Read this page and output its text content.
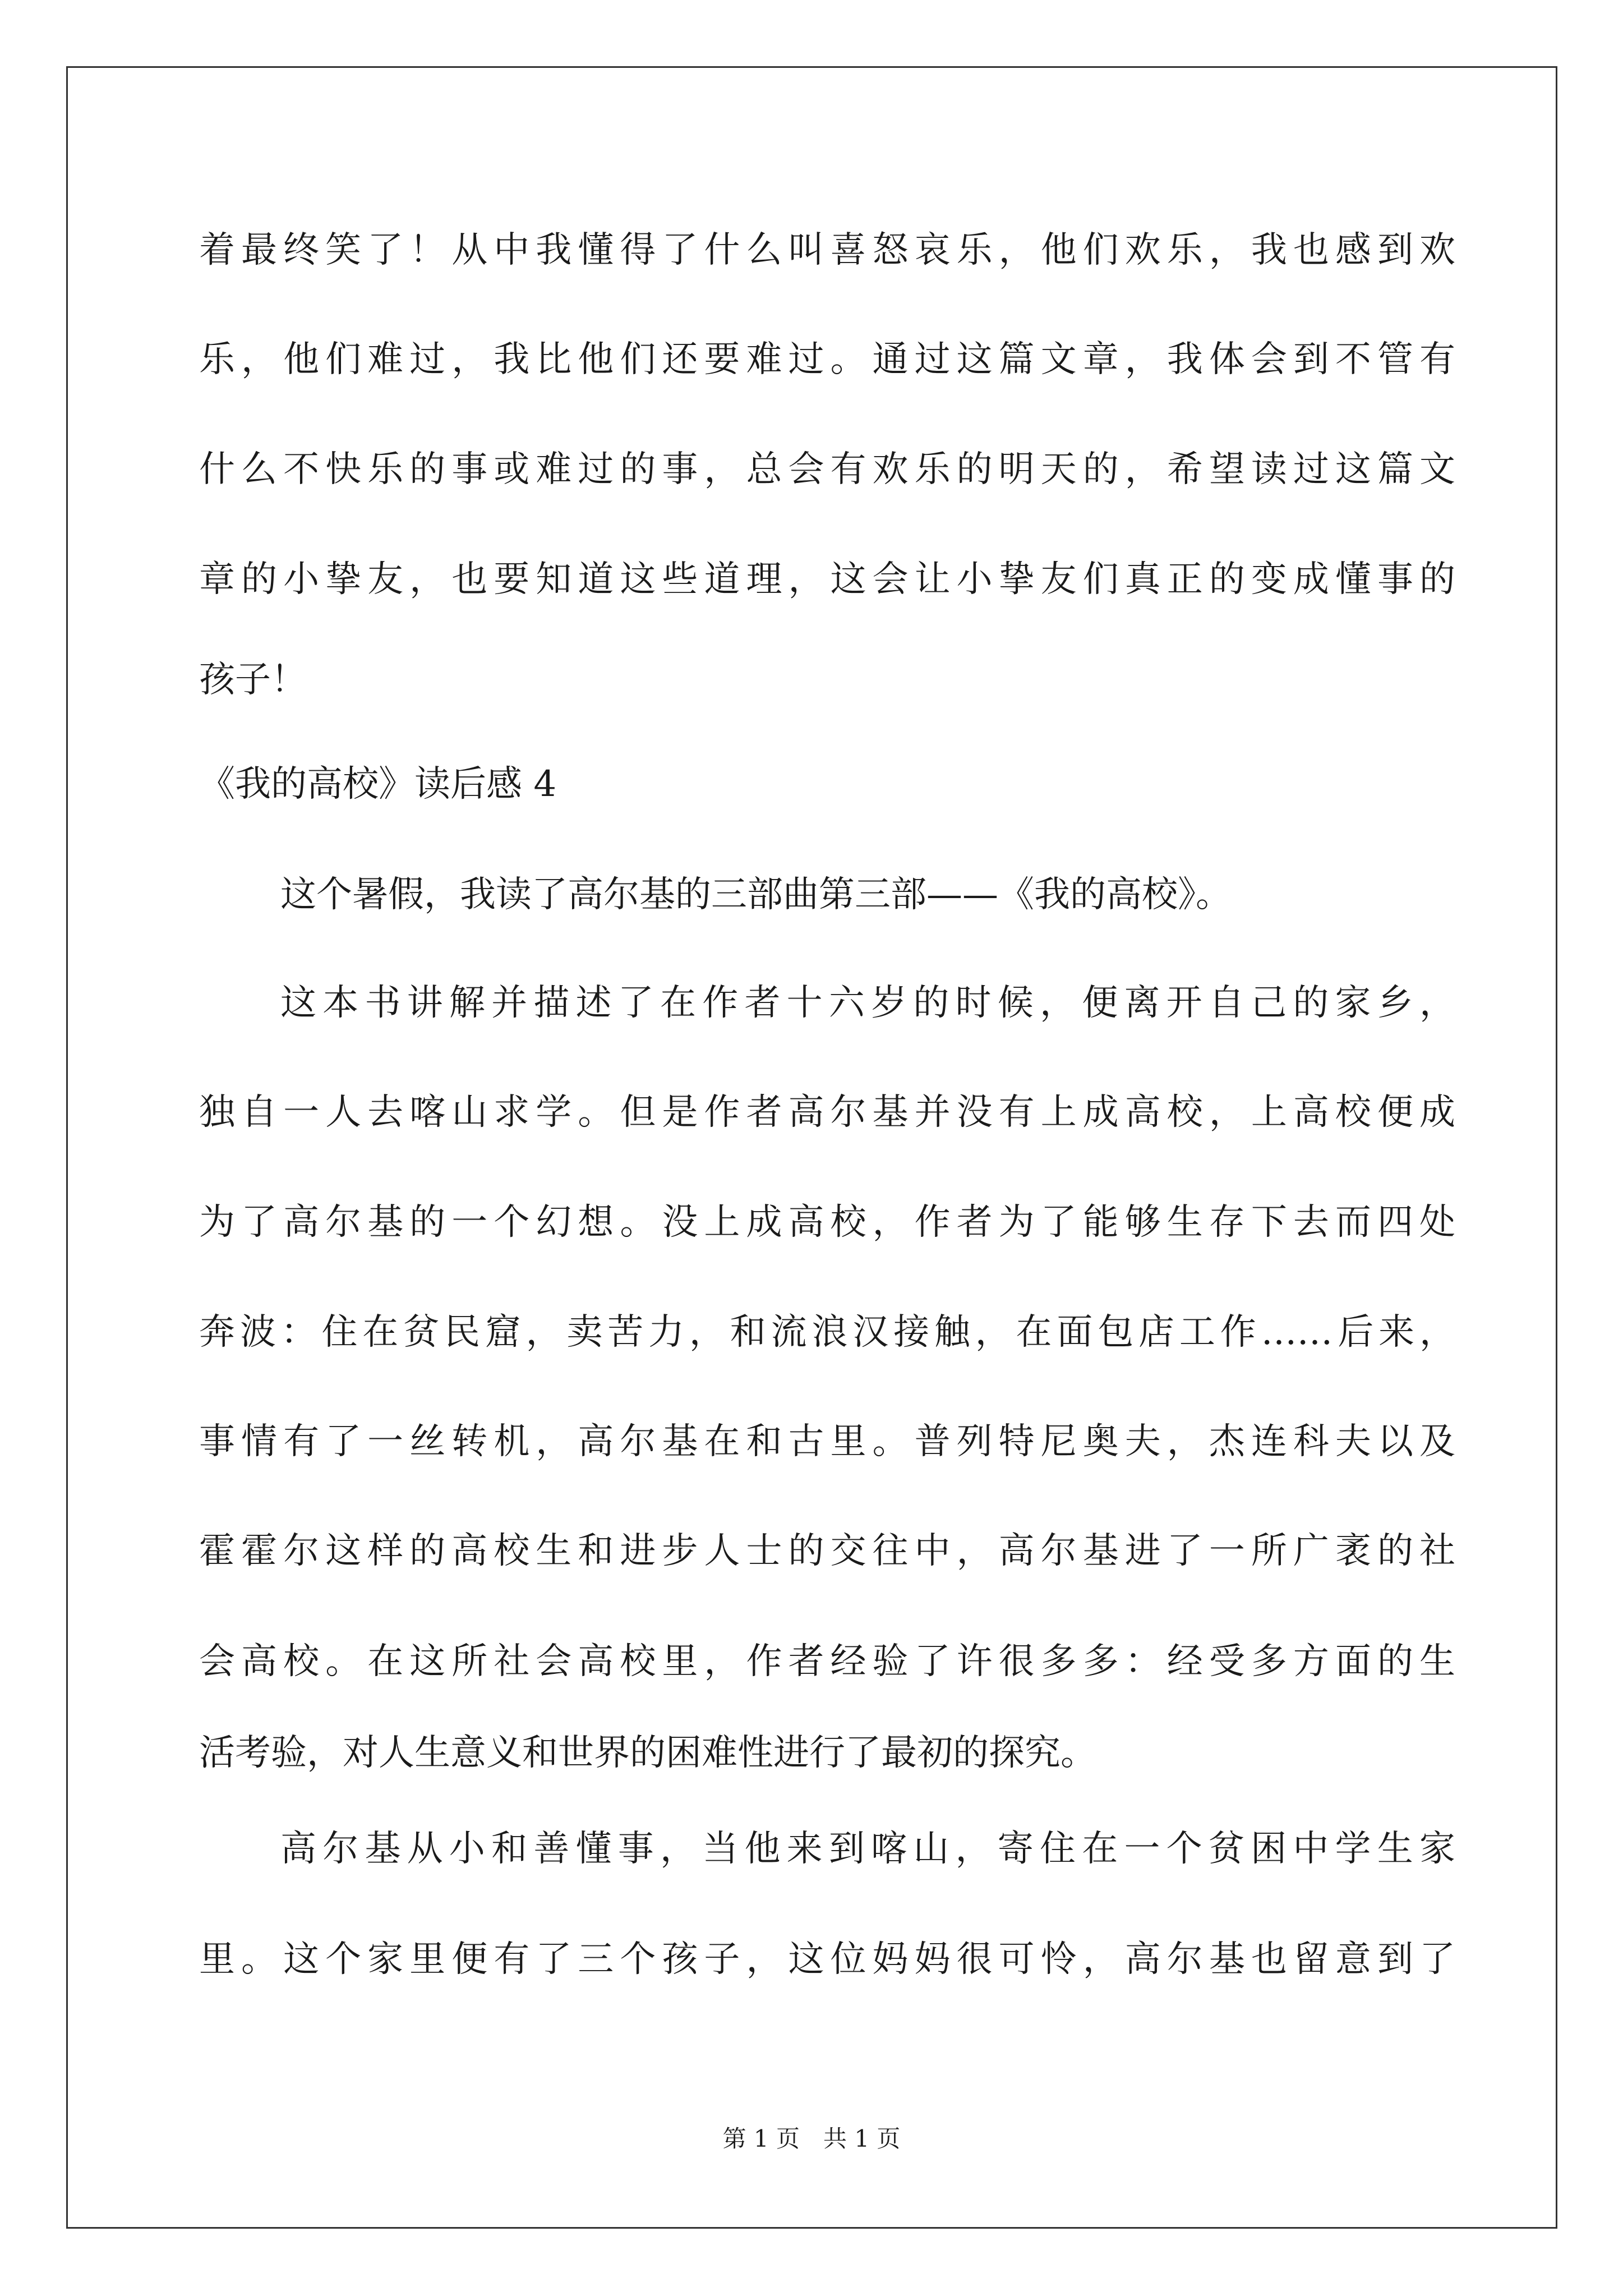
着最终笑了！从中我懂得了什么叫喜怒哀乐，他们欢乐，我也感到欢
乐，他们难过，我比他们还要难过。通过这篇文章，我体会到不管有
什么不快乐的事或难过的事，总会有欢乐的明天的，希望读过这篇文
章的小挚友，也要知道这些道理，这会让小挚友们真正的变成懂事的
孩子！
《我的高校》读后感 4
这个暑假，我读了高尔基的三部曲第三部——《我的高校》。
这本书讲解并描述了在作者十六岁的时候，便离开自己的家乡，
独自一人去喀山求学。但是作者高尔基并没有上成高校，上高校便成
为了高尔基的一个幻想。没上成高校，作者为了能够生存下去而四处
奔波：住在贫民窟，卖苦力，和流浪汉接触，在面包店工作……后来，
事情有了一丝转机，高尔基在和古里。普列特尼奥夫，杰连科夫以及
霍霍尔这样的高校生和进步人士的交往中，高尔基进了一所广袤的社
会高校。在这所社会高校里，作者经验了许很多多：经受多方面的生
活考验，对人生意义和世界的困难性进行了最初的探究。
高尔基从小和善懂事，当他来到喀山，寄住在一个贫困中学生家
里。这个家里便有了三个孩子，这位妈妈很可怜，高尔基也留意到了
第 1 页　共 1 页
